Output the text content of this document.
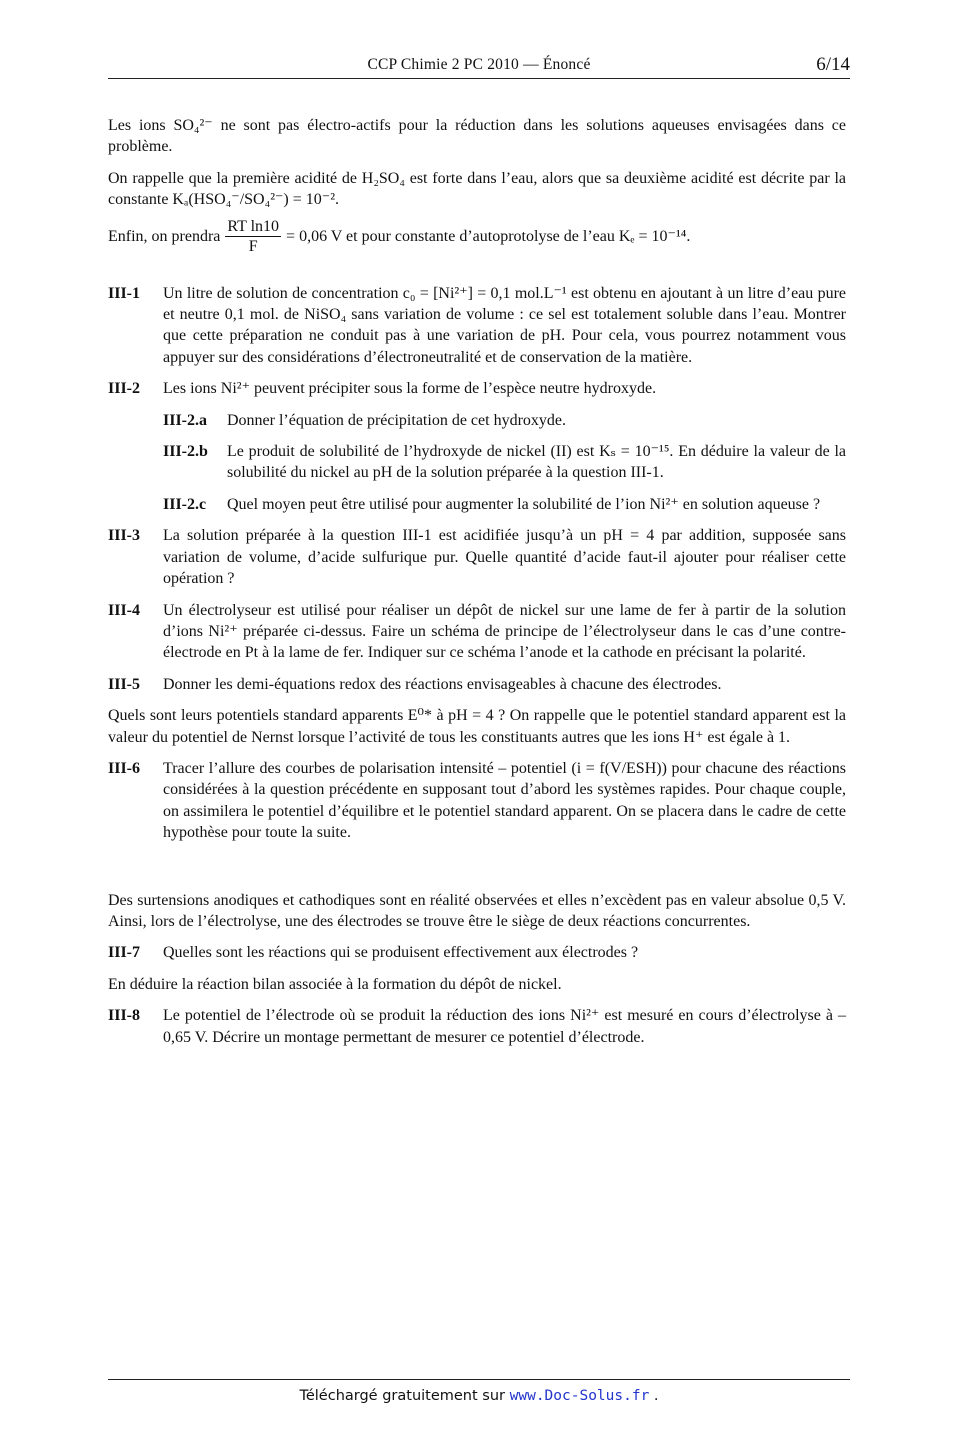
CCP Chimie 2 PC 2010 — Énoncé	6/14

Les ions SO₄²⁻ ne sont pas électro-actifs pour la réduction dans les solutions aqueuses envisagées dans ce problème.

On rappelle que la première acidité de H₂SO₄ est forte dans l’eau, alors que sa deuxième acidité est décrite par la constante Kₐ(HSO₄⁻/SO₄²⁻) = 10⁻².

Enfin, on prendra $\frac{\text{RT ln10}}{F} = 0,06$ V et pour constante d’autoprotolyse de l’eau Kₑ = 10⁻¹⁴.
III-1	Un litre de solution de concentration c₀ = [Ni²⁺] = 0,1 mol.L⁻¹ est obtenu en ajoutant à un litre d’eau pure et neutre 0,1 mol. de NiSO₄ sans variation de volume : ce sel est totalement soluble dans l’eau. Montrer que cette préparation ne conduit pas à une variation de pH. Pour cela, vous pourrez notamment vous appuyer sur des considérations d’électroneutralité et de conservation de la matière.
III-2	Les ions Ni²⁺ peuvent précipiter sous la forme de l’espèce neutre hydroxyde.
III-2.a	Donner l’équation de précipitation de cet hydroxyde.
III-2.b	Le produit de solubilité de l’hydroxyde de nickel (II) est Kₛ = 10⁻¹⁵. En déduire la valeur de la solubilité du nickel au pH de la solution préparée à la question III-1.
III-2.c	Quel moyen peut être utilisé pour augmenter la solubilité de l’ion Ni²⁺ en solution aqueuse ?
III-3	La solution préparée à la question III-1 est acidifiée jusqu’à un pH = 4 par addition, supposée sans variation de volume, d’acide sulfurique pur. Quelle quantité d’acide faut-il ajouter pour réaliser cette opération ?
III-4	Un électrolyseur est utilisé pour réaliser un dépôt de nickel sur une lame de fer à partir de la solution d’ions Ni²⁺ préparée ci-dessus. Faire un schéma de principe de l’électrolyseur dans le cas d’une contre-électrode en Pt à la lame de fer. Indiquer sur ce schéma l’anode et la cathode en précisant la polarité.
III-5	Donner les demi-équations redox des réactions envisageables à chacune des électrodes.

Quels sont leurs potentiels standard apparents E⁰* à pH = 4 ? On rappelle que le potentiel standard apparent est la valeur du potentiel de Nernst lorsque l’activité de tous les constituants autres que les ions H⁺ est égale à 1.

III-6	Tracer l’allure des courbes de polarisation intensité – potentiel (i = f(V/ESH)) pour chacune des réactions considérées à la question précédente en supposant tout d’abord les systèmes rapides. Pour chaque couple, on assimilera le potentiel d’équilibre et le potentiel standard apparent. On se placera dans le cadre de cette hypothèse pour toute la suite.

Des surtensions anodiques et cathodiques sont en réalité observées et elles n’excèdent pas en valeur absolue 0,5 V. Ainsi, lors de l’électrolyse, une des électrodes se trouve être le siège de deux réactions concurrentes.

III-7	Quelles sont les réactions qui se produisent effectivement aux électrodes ?

En déduire la réaction bilan associée à la formation du dépôt de nickel.

III-8	Le potentiel de l’électrode où se produit la réduction des ions Ni²⁺ est mesuré en cours d’électrolyse à – 0,65 V. Décrire un montage permettant de mesurer ce potentiel d’électrode.
Téléchargé gratuitement sur www.Doc-Solus.fr .
